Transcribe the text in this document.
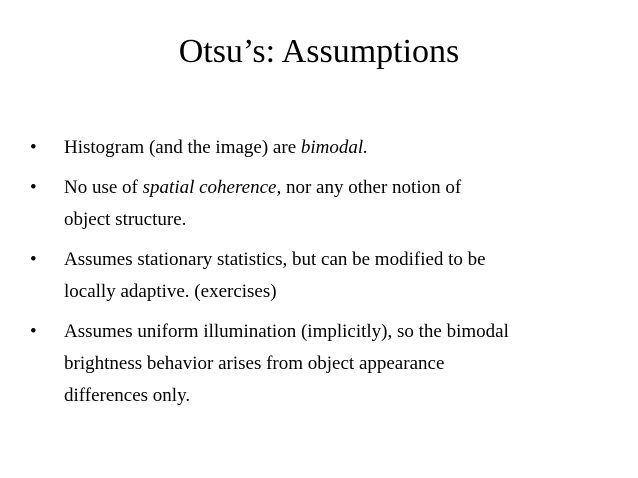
Otsu’s: Assumptions
• Histogram (and the image) are bimodal.
• No use of spatial coherence, nor any other notion of
object structure.
• Assumes stationary statistics, but can be modified to be
locally adaptive. (exercises)
• Assumes uniform illumination (implicitly), so the bimodal
brightness behavior arises from object appearance
differences only.
